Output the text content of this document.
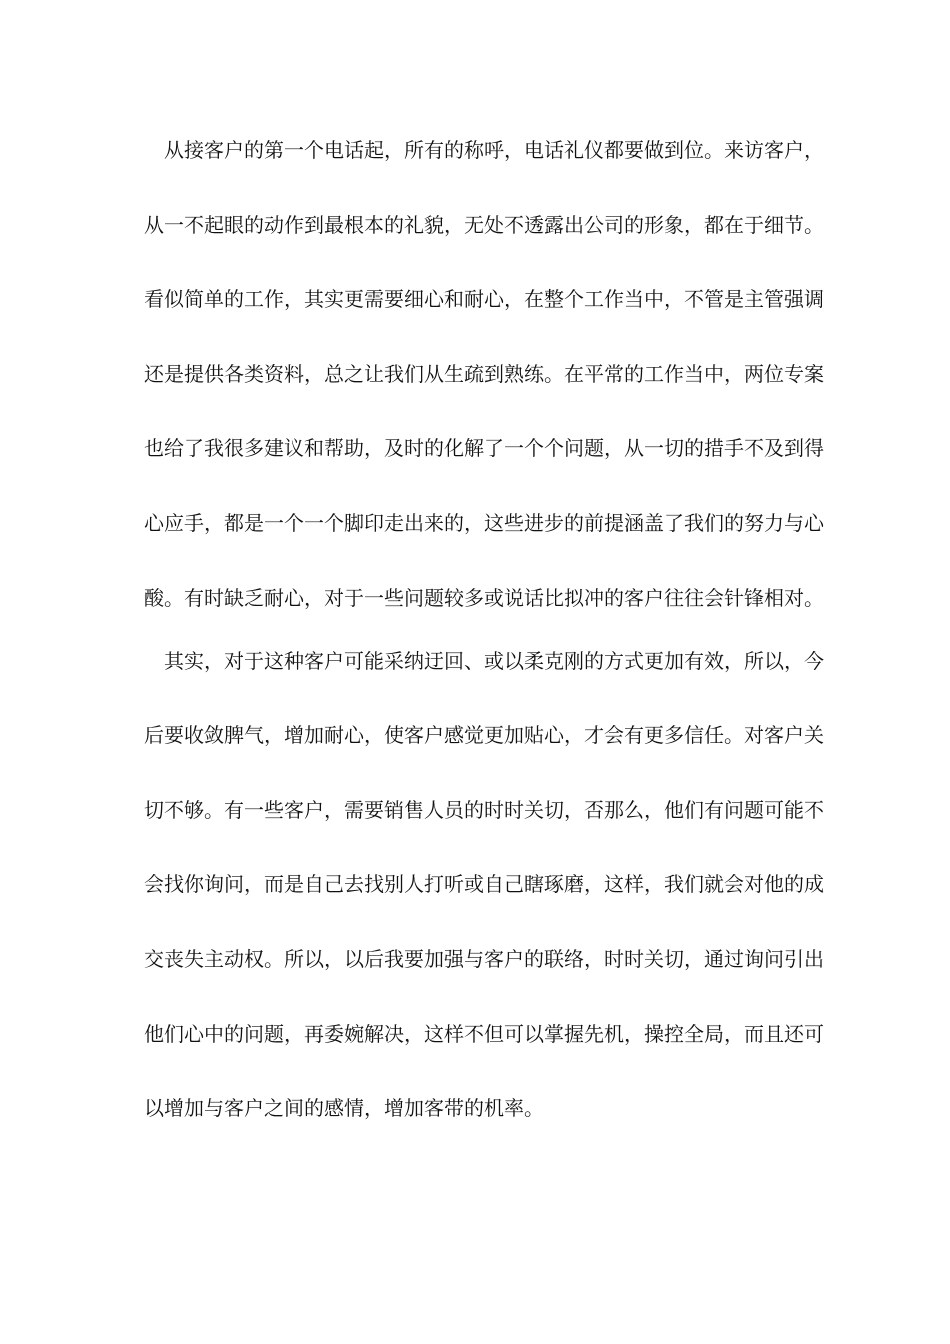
从接客户的第一个电话起，所有的称呼，电话礼仪都要做到位。来访客户，
从一不起眼的动作到最根本的礼貌，无处不透露出公司的形象，都在于细节。
看似简单的工作，其实更需要细心和耐心，在整个工作当中，不管是主管强调
还是提供各类资料，总之让我们从生疏到熟练。在平常的工作当中，两位专案
也给了我很多建议和帮助，及时的化解了一个个问题，从一切的措手不及到得
心应手，都是一个一个脚印走出来的，这些进步的前提涵盖了我们的努力与心
酸。有时缺乏耐心，对于一些问题较多或说话比拟冲的客户往往会针锋相对。
其实，对于这种客户可能采纳迂回、或以柔克刚的方式更加有效，所以，今
后要收敛脾气，增加耐心，使客户感觉更加贴心，才会有更多信任。对客户关
切不够。有一些客户，需要销售人员的时时关切，否那么，他们有问题可能不
会找你询问，而是自己去找别人打听或自己瞎琢磨，这样，我们就会对他的成
交丧失主动权。所以，以后我要加强与客户的联络，时时关切，通过询问引出
他们心中的问题，再委婉解决，这样不但可以掌握先机，操控全局，而且还可
以增加与客户之间的感情，增加客带的机率。
